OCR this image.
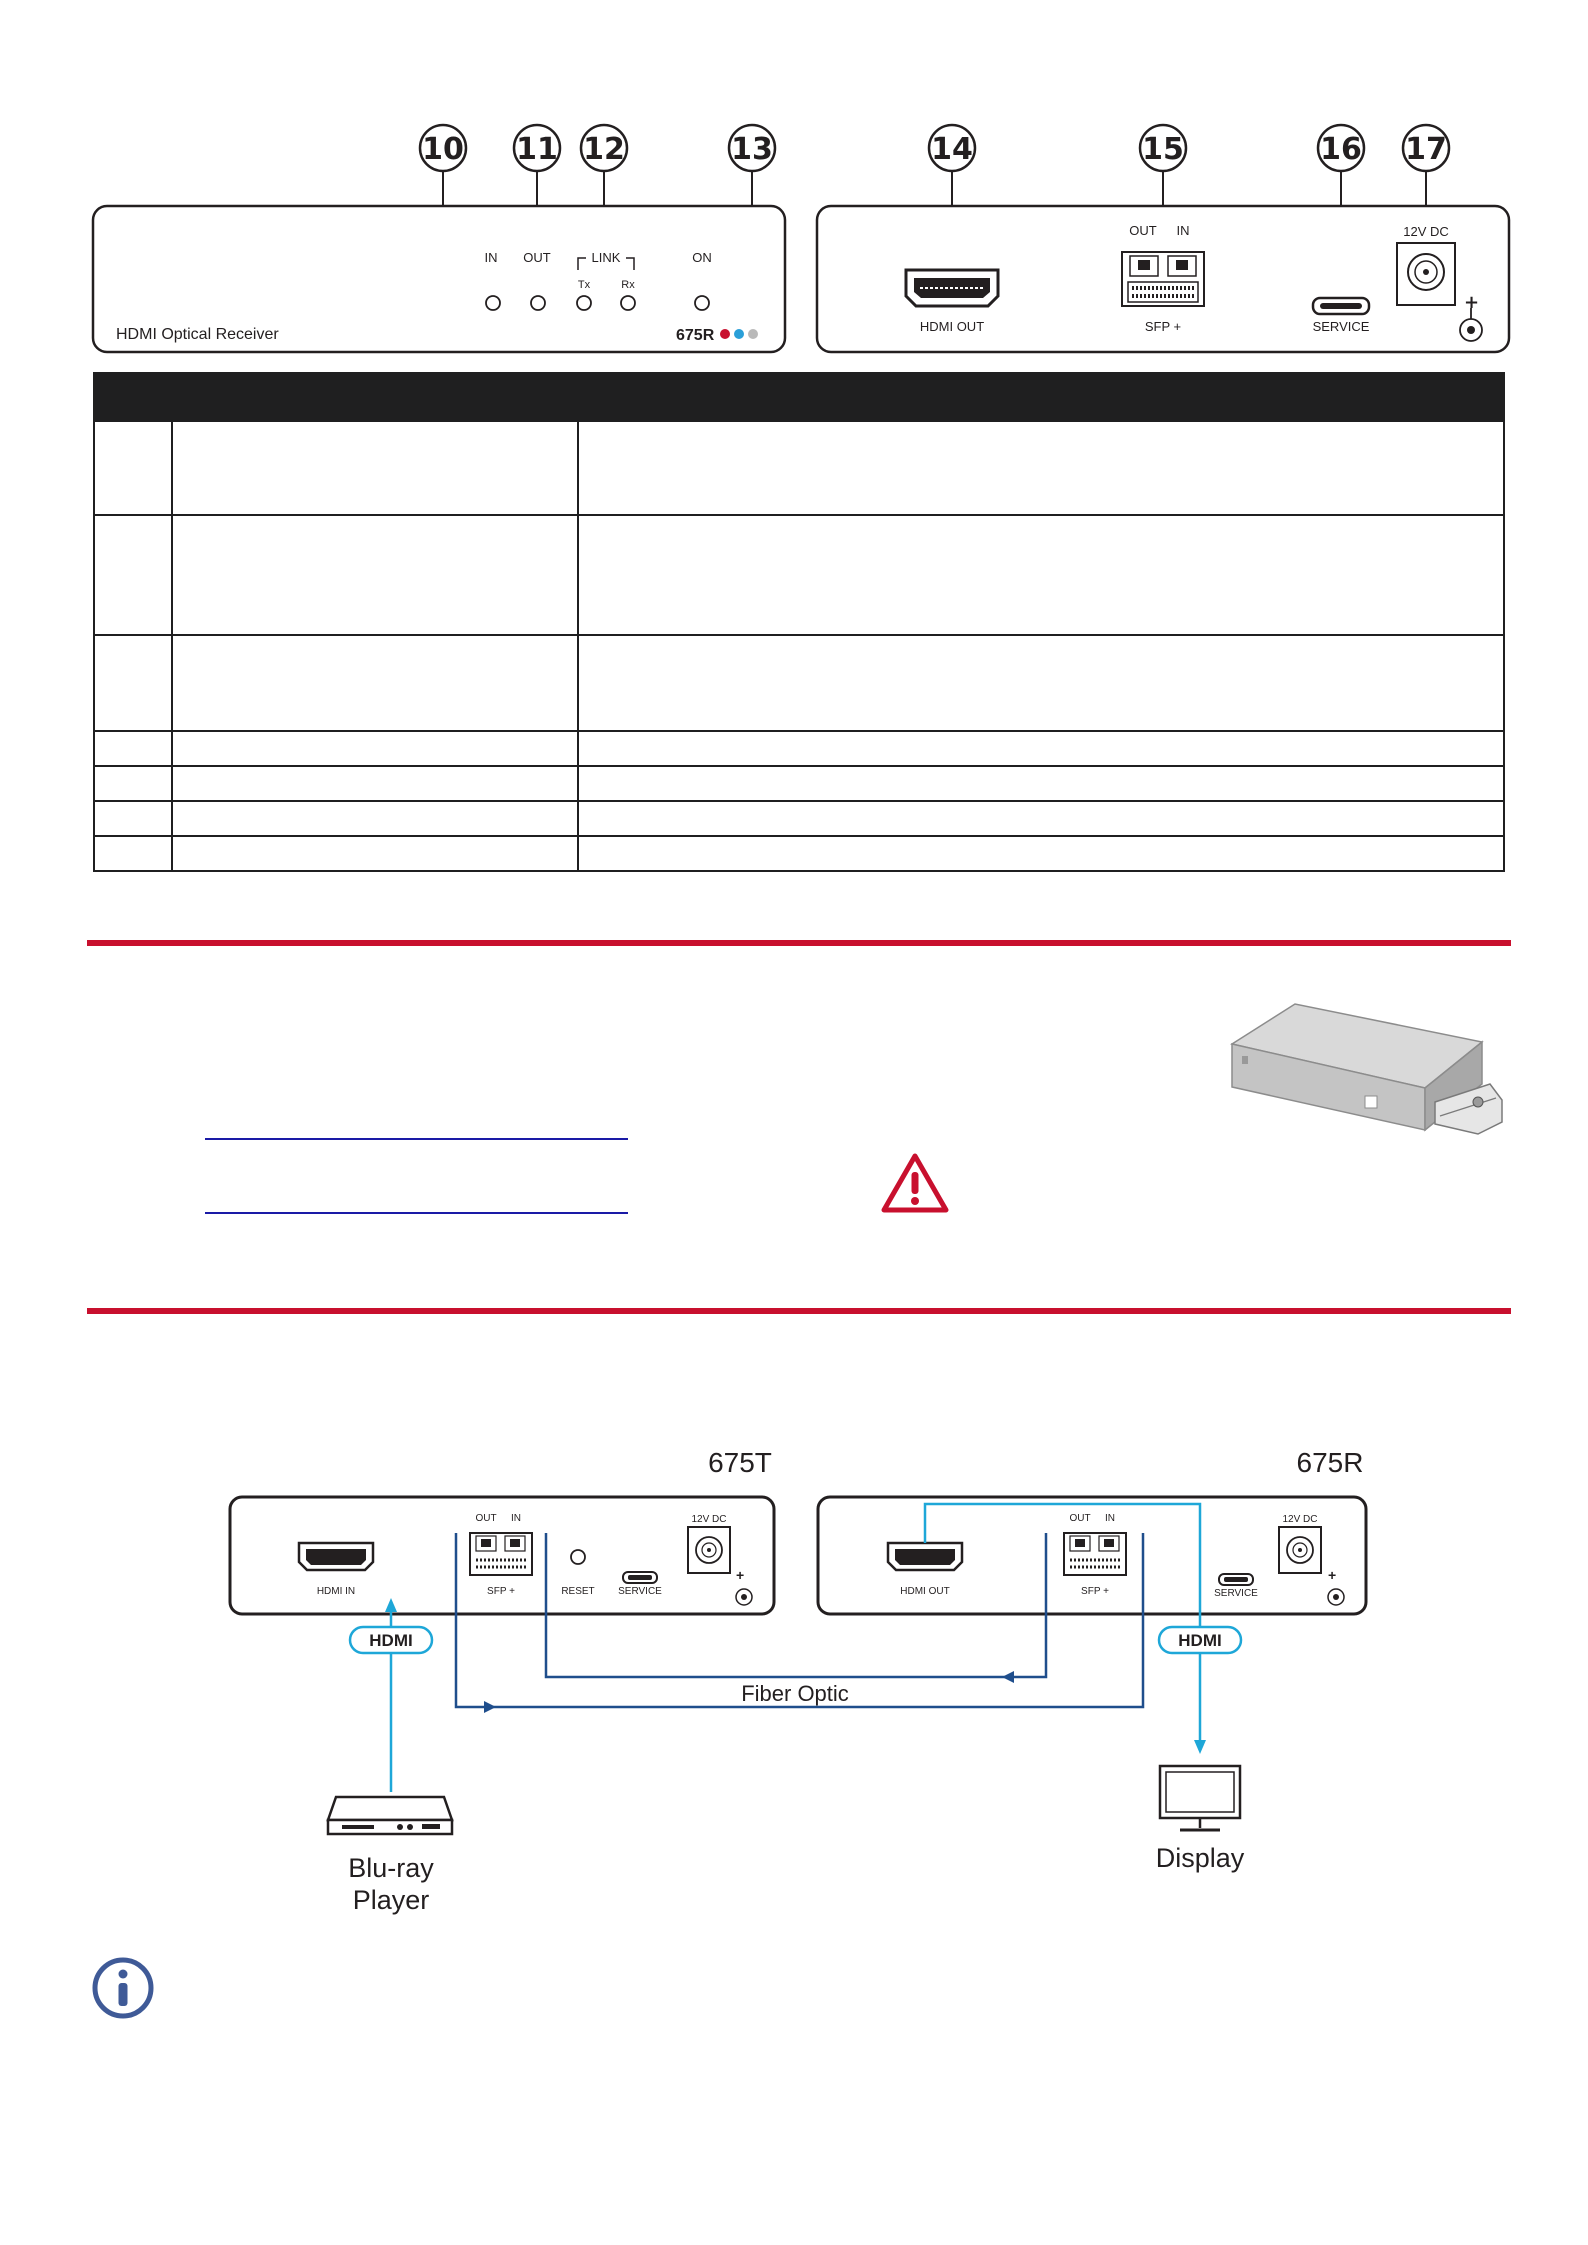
10 11 12	13
IN OUT	LINK
Tx	Rx
ON
HDMI Optical Receiver	675R
14	15	16 17
HDMI OUT
OUT IN
SFP +	SERVICE
12V DC
+

675T	675R
HDMI IN
OUT IN
SFP +	RESET SERVICE
12V DC
+
HDMI OUT
OUT IN
SFP +	SERVICE
12V DC
+
HDMI	HDMI
Fiber Optic
Blu-ray
Player
Display
